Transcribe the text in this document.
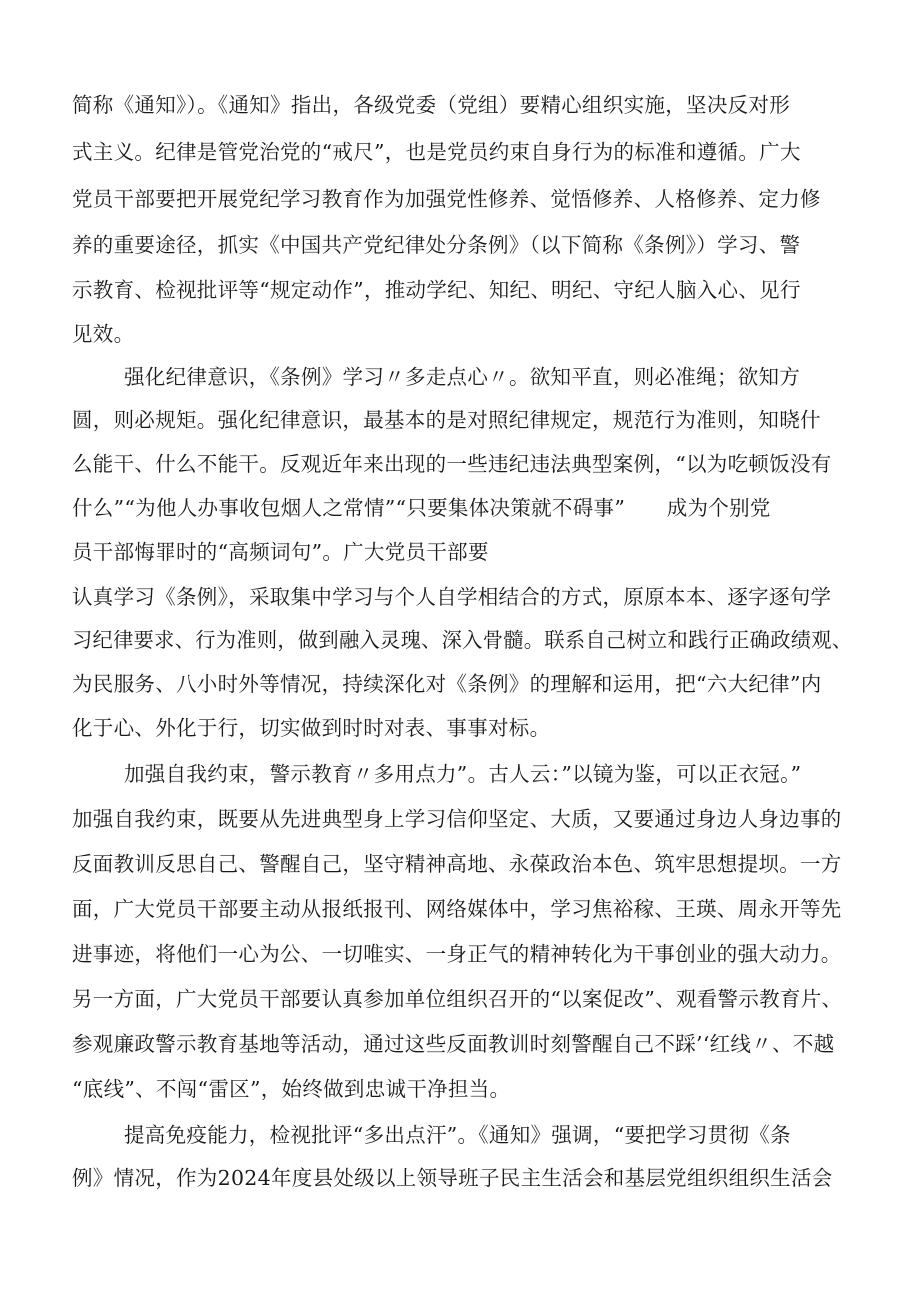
简称《通知》）。《通知》指出，各级党委（党组）要精心组织实施，坚决反对形
式主义。纪律是管党治党的“戒尺”，也是党员约束自身行为的标准和遵循。广大
党员干部要把开展党纪学习教育作为加强党性修养、觉悟修养、人格修养、定力修
养的重要途径，抓实《中国共产党纪律处分条例》（以下简称《条例》）学习、警
示教育、检视批评等“规定动作”，推动学纪、知纪、明纪、守纪人脑入心、见行
见效。
强化纪律意识，《条例》学习〃多走点心〃。欲知平直，则必准绳；欲知方
圆，则必规矩。强化纪律意识，最基本的是对照纪律规定，规范行为准则，知晓什
么能干、什么不能干。反观近年来出现的一些违纪违法典型案例，“以为吃顿饭没有
什么”“为他人办事收包烟人之常情”“只要集体决策就不碍事”　　成为个别党
员干部悔罪时的“高频词句”。广大党员干部要
认真学习《条例》，采取集中学习与个人自学相结合的方式，原原本本、逐字逐句学
习纪律要求、行为准则，做到融入灵瑰、深入骨髓。联系自己树立和践行正确政绩观、
为民服务、八小时外等情况，持续深化对《条例》的理解和运用，把“六大纪律”内
化于心、外化于行，切实做到时时对表、事事对标。
加强自我约束，警示教育〃多用点力”。古人云：”以镜为鉴，可以正衣冠。”
加强自我约束，既要从先进典型身上学习信仰坚定、大质，又要通过身边人身边事的
反面教训反思自己、警醒自己，坚守精神高地、永葆政治本色、筑牢思想提坝。一方
面，广大党员干部要主动从报纸报刊、网络媒体中，学习焦裕稼、王瑛、周永开等先
进事迹，将他们一心为公、一切唯实、一身正气的精神转化为干事创业的强大动力。
另一方面，广大党员干部要认真参加单位组织召开的“以案促改”、观看警示教育片、
参观廉政警示教育基地等活动，通过这些反面教训时刻警醒自己不踩’‘红线〃、不越
“底线”、不闯“雷区”，始终做到忠诚干净担当。
提高免疫能力，检视批评“多出点汗”。《通知》强调，“要把学习贯彻《条
例》情况，作为2024年度县处级以上领导班子民主生活会和基层党组织组织生活会
